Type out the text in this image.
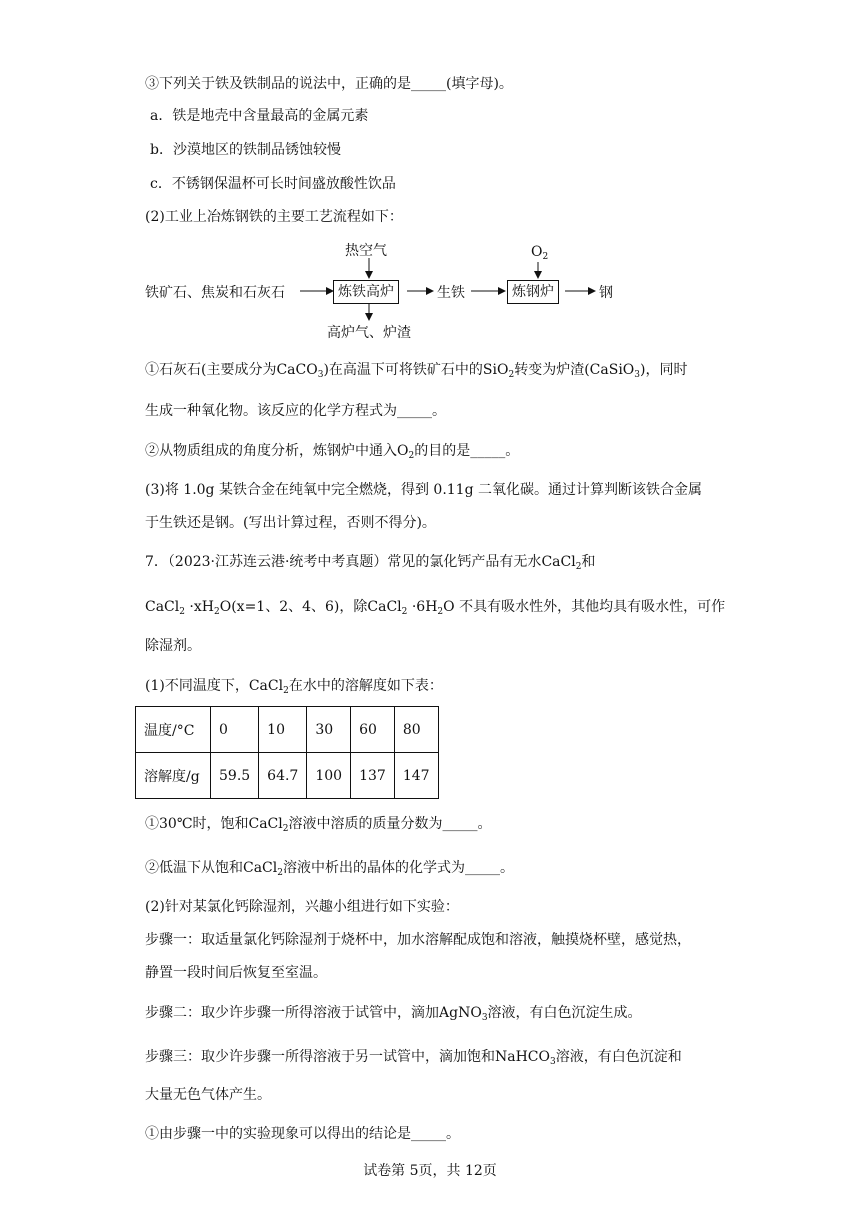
③下列关于铁及铁制品的说法中，正确的是_____(填字母)。
a．铁是地壳中含量最高的金属元素
b．沙漠地区的铁制品锈蚀较慢
c．不锈钢保温杯可长时间盛放酸性饮品
(2)工业上冶炼钢铁的主要工艺流程如下：
铁矿石、焦炭和石灰石
热空气
炼铁高炉
高炉气、炉渣
生铁
$O_2$
炼钢炉	钢
①石灰石(主要成分为CaCO$_3$)在高温下可将铁矿石中的SiO$_2$转变为炉渣(CaSiO$_3$)，同时
生成一种氧化物。该反应的化学方程式为_____。
②从物质组成的角度分析，炼钢炉中通入$O_2$的目的是_____。
(3)将 1.0g 某铁合金在纯氧中完全燃烧，得到 0.11g 二氧化碳。通过计算判断该铁合金属
于生铁还是钢。(写出计算过程，否则不得分)。
7．（2023·江苏连云港·统考中考真题）常见的氯化钙产品有无水CaCl$_2$和
CaCl$_2$ $\cdot xH_2O(x=1$、2、4、6)，除CaCl$_2$ $\cdot 6H_2O$ 不具有吸水性外，其他均具有吸水性，可作
除湿剂。
(1)不同温度下，CaCl$_2$在水中的溶解度如下表：
温度/°C	0	10	30	60	80
溶解度/g	59.5	64.7	100	137	147
①30℃时，饱和CaCl$_2$溶液中溶质的质量分数为_____。
②低温下从饱和CaCl$_2$溶液中析出的晶体的化学式为_____。
(2)针对某氯化钙除湿剂，兴趣小组进行如下实验：
步骤一：取适量氯化钙除湿剂于烧杯中，加水溶解配成饱和溶液，触摸烧杯壁，感觉热，
静置一段时间后恢复至室温。
步骤二：取少许步骤一所得溶液于试管中，滴加AgNO$_3$溶液，有白色沉淀生成。
步骤三：取少许步骤一所得溶液于另一试管中，滴加饱和NaHCO$_3$溶液，有白色沉淀和
大量无色气体产生。
①由步骤一中的实验现象可以得出的结论是_____。
试卷第 5页，共 12页
